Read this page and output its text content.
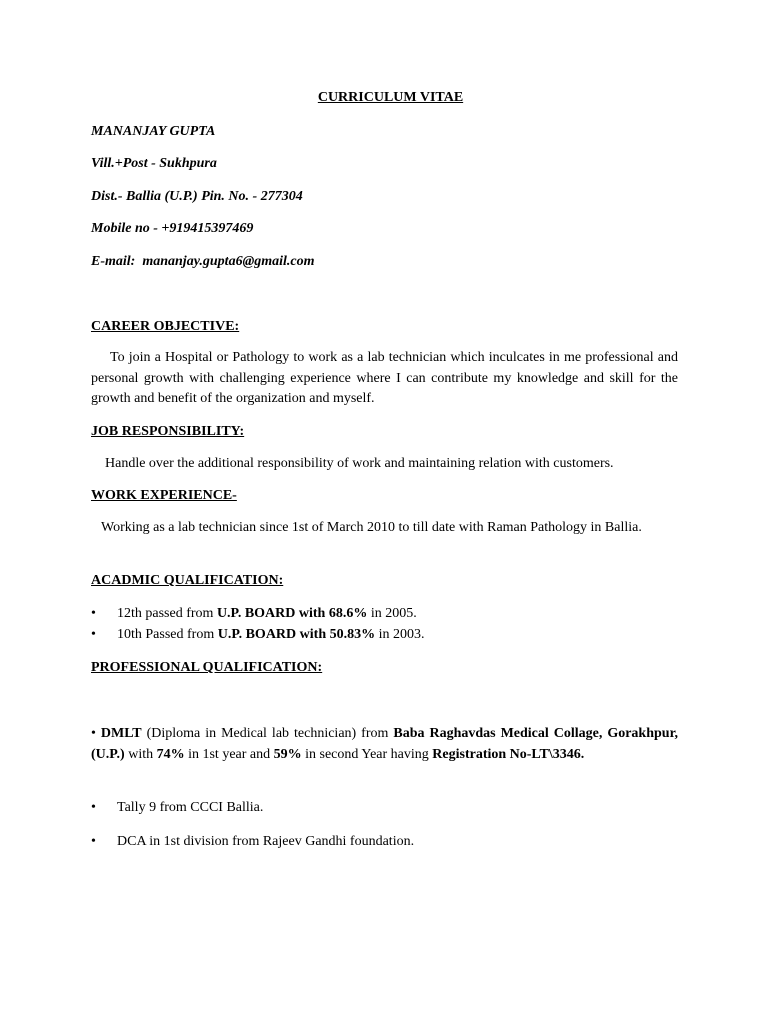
CURRICULUM VITAE
MANANJAY GUPTA
Vill.+Post - Sukhpura
Dist.- Ballia (U.P.) Pin. No. - 277304
Mobile no - +919415397469
E-mail: mananjay.gupta6@gmail.com
CAREER OBJECTIVE:
To join a Hospital or Pathology to work as a lab technician which inculcates in me professional and personal growth with challenging experience where I can contribute my knowledge and skill for the growth and benefit of the organization and myself.
JOB RESPONSIBILITY:
Handle over the additional responsibility of work and maintaining relation with customers.
WORK EXPERIENCE-
Working as a lab technician since 1st of March 2010 to till date with Raman Pathology in Ballia.
ACADMIC QUALIFICATION:
• 12th passed from U.P. BOARD with 68.6% in 2005.
• 10th Passed from U.P. BOARD with 50.83% in 2003.
PROFESSIONAL QUALIFICATION:
• DMLT (Diploma in Medical lab technician) from Baba Raghavdas Medical Collage, Gorakhpur, (U.P.) with 74% in 1st year and 59% in second Year having Registration No-LT\3346.
• Tally 9 from CCCI Ballia.
• DCA in 1st division from Rajeev Gandhi foundation.
